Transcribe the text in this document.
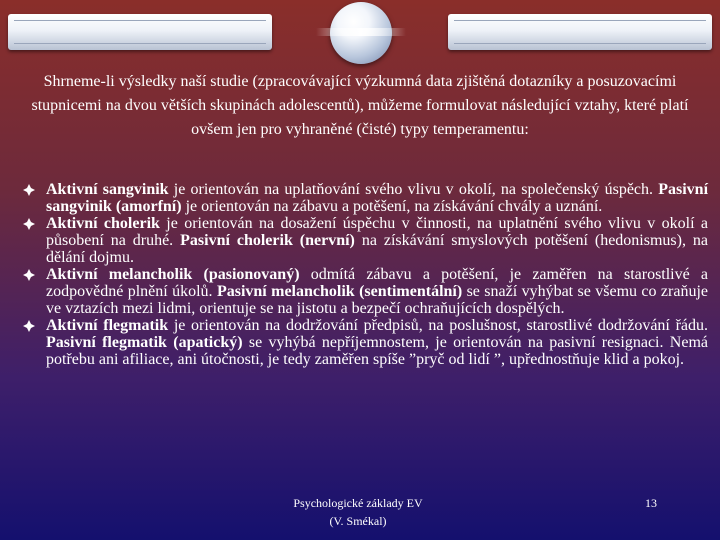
Shrneme-li výsledky naší studie (zpracovávající výzkumná data zjištěná dotazníky a posuzovacími stupnicemi na dvou větších skupinách adolescentů), můžeme formulovat následující vztahy, které platí ovšem jen pro vyhraněné (čisté) typy temperamentu:
Aktivní sangvinik je orientován na uplatňování svého vlivu v okolí, na společenský úspěch. Pasivní sangvinik (amorfní) je orientován na zábavu a potěšení, na získávání chvály a uznání.
Aktivní cholerik je orientován na dosažení úspěchu v činnosti, na uplatnění svého vlivu v okolí a působení na druhé. Pasivní cholerik (nervní) na získávání smyslových potěšení (hedonismus), na dělání dojmu.
Aktivní melancholik (pasionovaný) odmítá zábavu a potěšení, je zaměřen na starostlivé a zodpovědné plnění úkolů. Pasivní melancholik (sentimentální) se snaží vyhýbat se všemu co zraňuje ve vztazích mezi lidmi, orientuje se na jistotu a bezpečí ochraňujících dospělých.
Aktivní flegmatik je orientován na dodržování předpisů, na poslušnost, starostlivé dodržování řádu. Pasivní flegmatik (apatický) se vyhýbá nepříjemnostem, je orientován na pasivní resignaci. Nemá potřebu ani afiliace, ani útočnosti, je tedy zaměřen spíše ”pryč od lidí ”, upřednostňuje klid a pokoj.
Psychologické základy EV
(V. Smékal)
13
